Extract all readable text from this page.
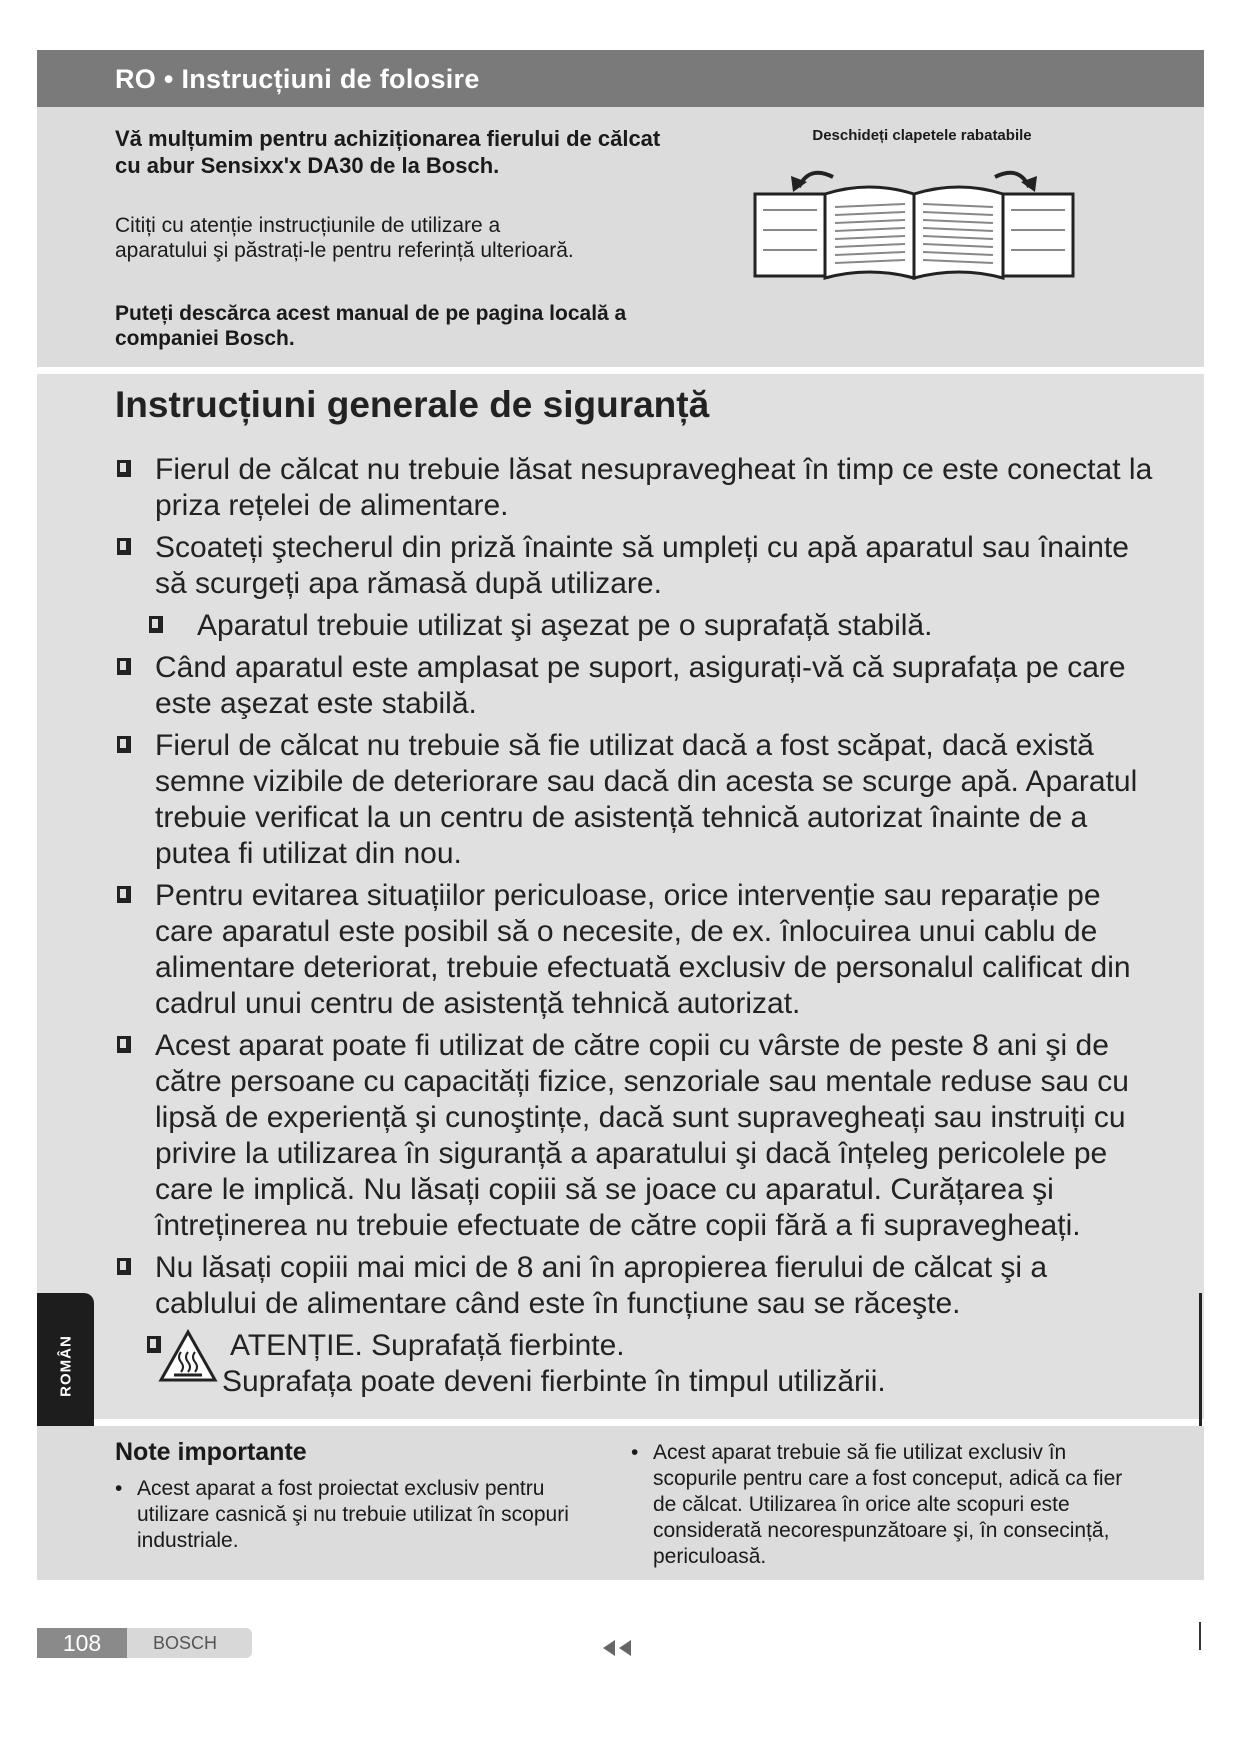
RO • Instrucțiuni de folosire
Vă mulțumim pentru achiziționarea fierului de călcat cu abur Sensixx'x DA30 de la Bosch.
Citiți cu atenție instrucțiunile de utilizare a aparatului şi păstrați-le pentru referință ulterioară.
Puteți descărca acest manual de pe pagina locală a companiei Bosch.
Deschideți clapetele rabatabile
Instrucțiuni generale de siguranță
Fierul de călcat nu trebuie lăsat nesupravegheat în timp ce este conectat la priza rețelei de alimentare.
Scoateți ştecherul din priză înainte să umpleți cu apă aparatul sau înainte să scurgeți apa rămasă după utilizare.
Aparatul trebuie utilizat şi aşezat pe o suprafață stabilă.
Când aparatul este amplasat pe suport, asigurați-vă că suprafața pe care este aşezat este stabilă.
Fierul de călcat nu trebuie să fie utilizat dacă a fost scăpat, dacă există semne vizibile de deteriorare sau dacă din acesta se scurge apă. Aparatul trebuie verificat la un centru de asistență tehnică autorizat înainte de a putea fi utilizat din nou.
Pentru evitarea situațiilor periculoase, orice intervenție sau reparație pe care aparatul este posibil să o necesite, de ex. înlocuirea unui cablu de alimentare deteriorat, trebuie efectuată exclusiv de personalul calificat din cadrul unui centru de asistență tehnică autorizat.
Acest aparat poate fi utilizat de către copii cu vârste de peste 8 ani şi de către persoane cu capacități fizice, senzoriale sau mentale reduse sau cu lipsă de experiență şi cunoştințe, dacă sunt supravegheați sau instruiți cu privire la utilizarea în siguranță a aparatului şi dacă înțeleg pericolele pe care le implică. Nu lăsați copiii să se joace cu aparatul. Curățarea şi întreținerea nu trebuie efectuate de către copii fără a fi supravegheați.
Nu lăsați copiii mai mici de 8 ani în apropierea fierului de călcat şi a cablului de alimentare când este în funcțiune sau se răceşte.
ATENȚIE. Suprafață fierbinte.
Suprafața poate deveni fierbinte în timpul utilizării.
ROMÂN
Note importante
• Acest aparat a fost proiectat exclusiv pentru utilizare casnică şi nu trebuie utilizat în scopuri industriale.
• Acest aparat trebuie să fie utilizat exclusiv în scopurile pentru care a fost conceput, adică ca fier de călcat. Utilizarea în orice alte scopuri este considerată necorespunzătoare şi, în consecință, periculoasă.
108	BOSCH
